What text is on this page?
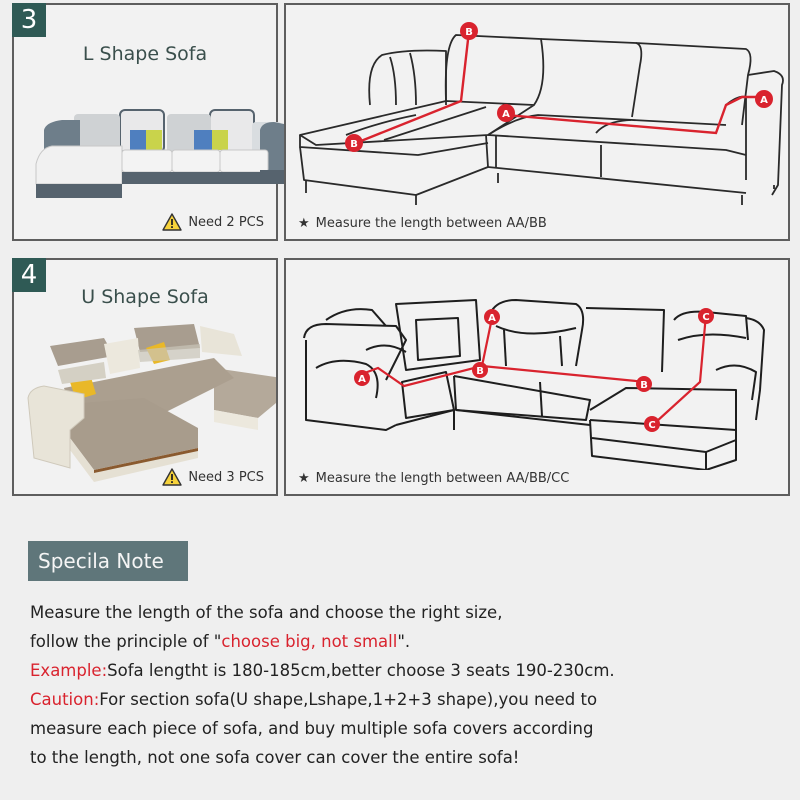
3
L Shape Sofa
Need 2 PCS
B
A
A
B
★ Measure the length between AA/BB
4
U Shape Sofa
Need 3 PCS
A
A
B
B
C
C
★ Measure the length between AA/BB/CC
Specila Note

Measure the length of the sofa and choose the right size,

follow the principle of "choose big, not small".

Example:Sofa lengtht is 180-185cm,better choose 3 seats 190-230cm.

Caution:For section sofa(U shape,Lshape,1+2+3 shape),you need to

measure each piece of sofa, and buy multiple sofa covers according

to the length, not one sofa cover can cover the entire sofa!
